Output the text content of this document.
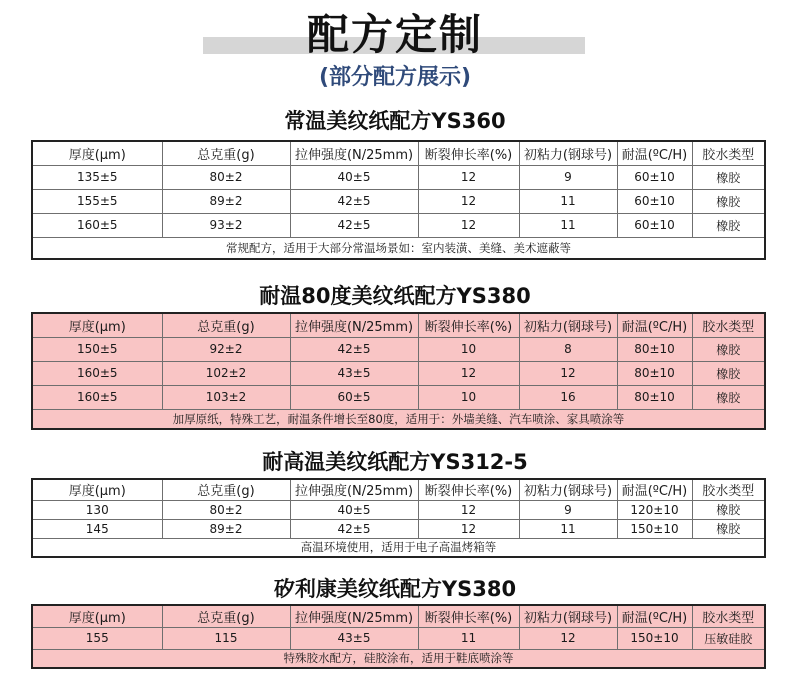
配方定制
(部分配方展示)
常温美纹纸配方YS360
厚度(μm)	总克重(g)	拉伸强度(N/25mm)	断裂伸长率(%)	初粘力(钢球号)	耐温(ºC/H)	胶水类型
135±5	80±2	40±5	12	9	60±10	橡胶
155±5	89±2	42±5	12	11	60±10	橡胶
160±5	93±2	42±5	12	11	60±10	橡胶
常规配方，适用于大部分常温场景如：室内装潢、美缝、美术遮蔽等						
耐温80度美纹纸配方YS380
厚度(μm)	总克重(g)	拉伸强度(N/25mm)	断裂伸长率(%)	初粘力(钢球号)	耐温(ºC/H)	胶水类型
150±5	92±2	42±5	10	8	80±10	橡胶
160±5	102±2	43±5	12	12	80±10	橡胶
160±5	103±2	60±5	10	16	80±10	橡胶
加厚原纸，特殊工艺，耐温条件增长至80度，适用于：外墙美缝、汽车喷涂、家具喷涂等						
耐高温美纹纸配方YS312-5
厚度(μm)	总克重(g)	拉伸强度(N/25mm)	断裂伸长率(%)	初粘力(钢球号)	耐温(ºC/H)	胶水类型
130	80±2	40±5	12	9	120±10	橡胶
145	89±2	42±5	12	11	150±10	橡胶
高温环境使用，适用于电子高温烤箱等						
矽利康美纹纸配方YS380
厚度(μm)	总克重(g)	拉伸强度(N/25mm)	断裂伸长率(%)	初粘力(钢球号)	耐温(ºC/H)	胶水类型
155	115	43±5	11	12	150±10	压敏硅胶
特殊胶水配方，硅胶涂布，适用于鞋底喷涂等						
